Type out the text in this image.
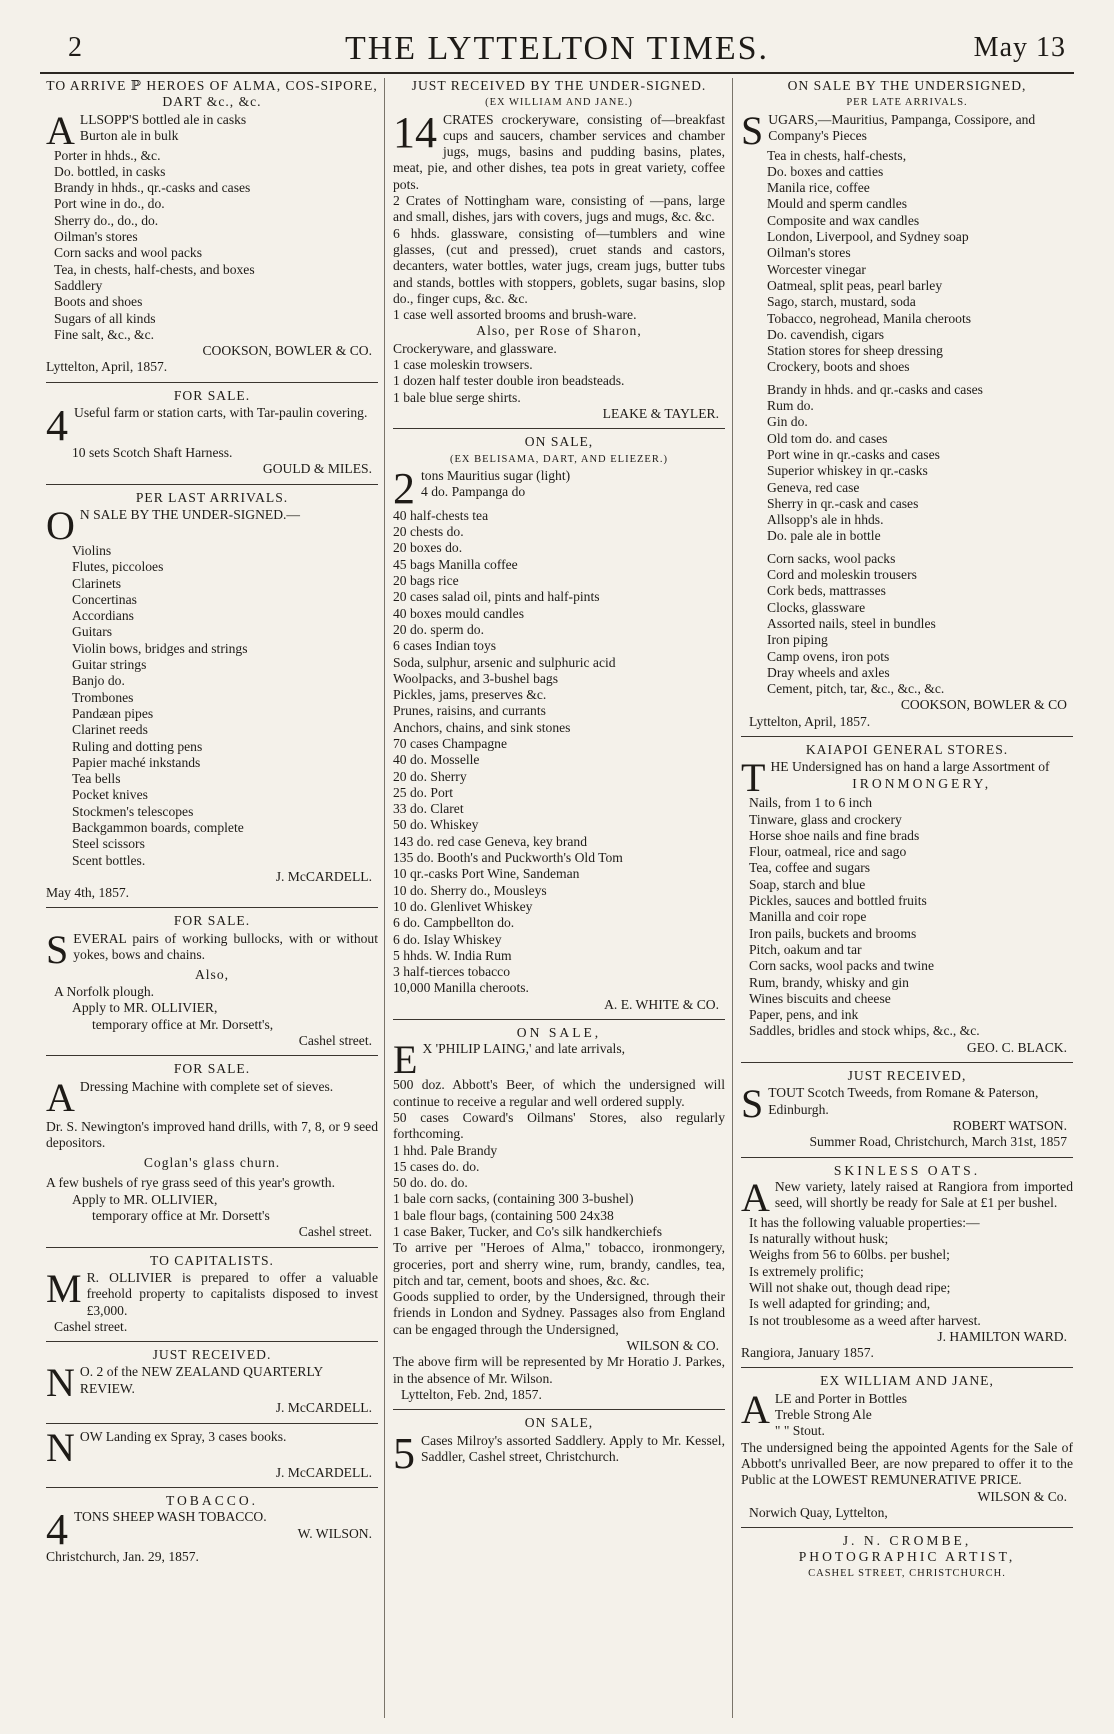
2	THE LYTTELTON TIMES.	May 13
TO ARRIVE ℙ HEROES OF ALMA, COS-SIPORE, DART &c., &c.
A LLSOPP'S bottled ale in casks
Burton ale in bulk
Porter in hhds., &c.
Do. bottled, in casks
Brandy in hhds., qr.-casks and cases
Port wine in do., do.
Sherry do., do., do.
Oilman's stores
Corn sacks and wool packs
Tea, in chests, half-chests, and boxes
Saddlery
Boots and shoes
Sugars of all kinds
Fine salt, &c., &c.
COOKSON, BOWLER & CO.
Lyttelton, April, 1857.
FOR SALE.
4 Useful farm or station carts, with Tar-paulin covering.
10 sets Scotch Shaft Harness.
GOULD & MILES.
PER LAST ARRIVALS.
O N SALE BY THE UNDER-SIGNED.—
Violins
Flutes, piccoloes
Clarinets
Concertinas
Accordians
Guitars
Violin bows, bridges and strings
Guitar strings
Banjo do.
Trombones
Pandæan pipes
Clarinet reeds
Ruling and dotting pens
Papier maché inkstands
Tea bells
Pocket knives
Stockmen's telescopes
Backgammon boards, complete
Steel scissors
Scent bottles.
J. McCARDELL.
May 4th, 1857.
FOR SALE.
S EVERAL pairs of working bullocks, with or without yokes, bows and chains.
Also,
A Norfolk plough.
Apply to MR. OLLIVIER,
temporary office at Mr. Dorsett's,
Cashel street.
FOR SALE.
A Dressing Machine with complete set of sieves.
Dr. S. Newington's improved hand drills, with 7, 8, or 9 seed depositors.
Coglan's glass churn.
A few bushels of rye grass seed of this year's growth.
Apply to MR. OLLIVIER,
temporary office at Mr. Dorsett's
Cashel street.
TO CAPITALISTS.
M R. OLLIVIER is prepared to offer a valuable freehold property to capitalists disposed to invest £3,000.
Cashel street.
JUST RECEIVED.
N O. 2 of the NEW ZEALAND QUARTERLY REVIEW.
J. McCARDELL.
N OW Landing ex Spray, 3 cases books.
J. McCARDELL.
TOBACCO.
4 TONS SHEEP WASH TOBACCO.
W. WILSON.
Christchurch, Jan. 29, 1857.
JUST RECEIVED BY THE UNDER-SIGNED.
(EX WILLIAM AND JANE.)
14 CRATES crockeryware, consisting of—breakfast cups and saucers, chamber services and chamber jugs, mugs, basins and pudding basins, plates, meat, pie, and other dishes, tea pots in great variety, coffee pots.
2 Crates of Nottingham ware, consisting of —pans, large and small, dishes, jars with covers, jugs and mugs, &c. &c.
6 hhds. glassware, consisting of—tumblers and wine glasses, (cut and pressed), cruet stands and castors, decanters, water bottles, water jugs, cream jugs, butter tubs and stands, bottles with stoppers, goblets, sugar basins, slop do., finger cups, &c. &c.
1 case well assorted brooms and brush-ware.
Also, per Rose of Sharon,
Crockeryware, and glassware.
1 case moleskin trowsers.
1 dozen half tester double iron beadsteads.
1 bale blue serge shirts.
LEAKE & TAYLER.
ON SALE,
(EX BELISAMA, DART, AND ELIEZER.)
2 tons Mauritius sugar (light)
4 do. Pampanga do
40 half-chests tea
20 chests do.
20 boxes do.
45 bags Manilla coffee
20 bags rice
20 cases salad oil, pints and half-pints
40 boxes mould candles
20 do. sperm do.
6 cases Indian toys
Soda, sulphur, arsenic and sulphuric acid
Woolpacks, and 3-bushel bags
Pickles, jams, preserves &c.
Prunes, raisins, and currants
Anchors, chains, and sink stones
70 cases Champagne
40 do. Mosselle
20 do. Sherry
25 do. Port
33 do. Claret
50 do. Whiskey
143 do. red case Geneva, key brand
135 do. Booth's and Puckworth's Old Tom
10 qr.-casks Port Wine, Sandeman
10 do. Sherry do., Mousleys
10 do. Glenlivet Whiskey
6 do. Campbellton do.
6 do. Islay Whiskey
5 hhds. W. India Rum
3 half-tierces tobacco
10,000 Manilla cheroots.
A. E. WHITE & CO.
ON SALE,
E X 'PHILIP LAING,' and late arrivals,
500 doz. Abbott's Beer, of which the undersigned will continue to receive a regular and well ordered supply.
50 cases Coward's Oilmans' Stores, also regularly forthcoming.
1 hhd. Pale Brandy
15 cases do. do.
50 do. do. do.
1 bale corn sacks, (containing 300 3-bushel)
1 bale flour bags, (containing 500 24x38
1 case Baker, Tucker, and Co's silk handkerchiefs
To arrive per "Heroes of Alma," tobacco, ironmongery, groceries, port and sherry wine, rum, brandy, candles, tea, pitch and tar, cement, boots and shoes, &c. &c.
Goods supplied to order, by the Undersigned, through their friends in London and Sydney. Passages also from England can be engaged through the Undersigned,
WILSON & CO.
The above firm will be represented by Mr Horatio J. Parkes, in the absence of Mr. Wilson.
Lyttelton, Feb. 2nd, 1857.
ON SALE,
5 Cases Milroy's assorted Saddlery. Apply to Mr. Kessel, Saddler, Cashel street, Christchurch.
ON SALE BY THE UNDERSIGNED,
PER LATE ARRIVALS.
S UGARS,—Mauritius, Pampanga, Cossipore, and Company's Pieces
Tea in chests, half-chests,
Do. boxes and catties
Manila rice, coffee
Mould and sperm candles
Composite and wax candles
London, Liverpool, and Sydney soap
Oilman's stores
Worcester vinegar
Oatmeal, split peas, pearl barley
Sago, starch, mustard, soda
Tobacco, negrohead, Manila cheroots
Do. cavendish, cigars
Station stores for sheep dressing
Crockery, boots and shoes
Brandy in hhds. and qr.-casks and cases
Rum do.
Gin do.
Old tom do. and cases
Port wine in qr.-casks and cases
Superior whiskey in qr.-casks
Geneva, red case
Sherry in qr.-cask and cases
Allsopp's ale in hhds.
Do. pale ale in bottle
Corn sacks, wool packs
Cord and moleskin trousers
Cork beds, mattrasses
Clocks, glassware
Assorted nails, steel in bundles
Iron piping
Camp ovens, iron pots
Dray wheels and axles
Cement, pitch, tar, &c., &c., &c.
COOKSON, BOWLER & CO
Lyttelton, April, 1857.
KAIAPOI GENERAL STORES.
T HE Undersigned has on hand a large Assortment of
IRONMONGERY,
Nails, from 1 to 6 inch
Tinware, glass and crockery
Horse shoe nails and fine brads
Flour, oatmeal, rice and sago
Tea, coffee and sugars
Soap, starch and blue
Pickles, sauces and bottled fruits
Manilla and coir rope
Iron pails, buckets and brooms
Pitch, oakum and tar
Corn sacks, wool packs and twine
Rum, brandy, whisky and gin
Wines biscuits and cheese
Paper, pens, and ink
Saddles, bridles and stock whips, &c., &c.
GEO. C. BLACK.
JUST RECEIVED,
S TOUT Scotch Tweeds, from Romane & Paterson, Edinburgh.
ROBERT WATSON.
Summer Road, Christchurch, March 31st, 1857
SKINLESS OATS.
A New variety, lately raised at Rangiora from imported seed, will shortly be ready for Sale at £1 per bushel.
It has the following valuable properties:—
Is naturally without husk;
Weighs from 56 to 60lbs. per bushel;
Is extremely prolific;
Will not shake out, though dead ripe;
Is well adapted for grinding; and,
Is not troublesome as a weed after harvest.
J. HAMILTON WARD.
Rangiora, January 1857.
EX WILLIAM AND JANE,
A LE and Porter in Bottles
Treble Strong Ale
" " Stout.
The undersigned being the appointed Agents for the Sale of Abbott's unrivalled Beer, are now prepared to offer it to the Public at the LOWEST REMUNERATIVE PRICE.
WILSON & Co.
Norwich Quay, Lyttelton,
J. N. CROMBE,
PHOTOGRAPHIC ARTIST,
CASHEL STREET, CHRISTCHURCH.
